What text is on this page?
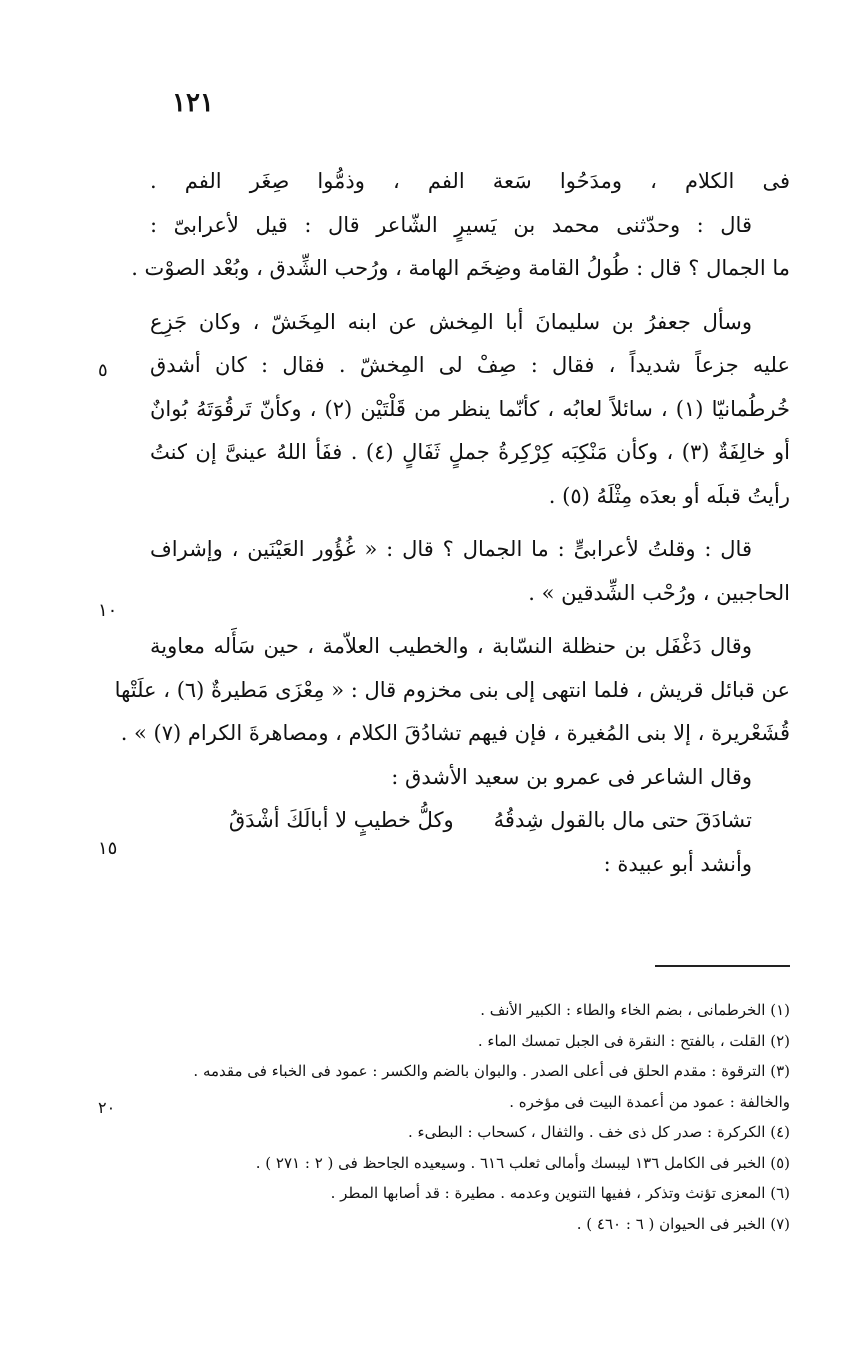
١٢١
فى الكلام ، ومدَحُوا سَعة الفم ، وذمُّوا صِغَر الفم .
قال : وحدّثنى محمد بن يَسيرٍ الشّاعر قال : قيل لأعرابىّ :
ما الجمال ؟ قال : طُولُ القامة وضِخَم الهامة ، ورُحب الشِّدق ، وبُعْد الصوْت .
وسأل جعفرُ بن سليمانَ أبا المِخش عن ابنه المِخَشّ ، وكان جَزِع
عليه جزعاً شديداً ، فقال : صِفْ لى المِخشّ . فقال : كان أشدق
خُرطُمانيّا (١) ، سائلاً لعابُه ، كأنّما ينظر من قَلْتَيْن (٢) ، وكأنّ تَرقُوَتَهُ بُوانٌ
أو خالِفَةٌ (٣) ، وكأن مَنْكِبَه كِرْكِرةُ جملٍ ثَفَالٍ (٤) . ففَأ اللهُ عينىَّ إن كنتُ
رأيتُ قبلَه أو بعدَه مِثْلَهُ (٥) .
قال : وقلتُ لأعرابىٍّ : ما الجمال ؟ قال : « غُؤُور العَيْنَين ، وإشراف
الحاجبين ، ورُحْب الشِّدقين » .
وقال دَغْفَل بن حنظلة النسّابة ، والخطيب العلاّمة ، حين سَأَله معاوية
عن قبائل قريش ، فلما انتهى إلى بنى مخزوم قال : « مِعْزَى مَطيرةٌ (٦) ، علَتْها
قُشَعْريرة ، إلا بنى المُغيرة ، فإن فيهم تشادُقَ الكلام ، ومصاهرةَ الكرام (٧) » .
وقال الشاعر فى عمرو بن سعيد الأشدق :
تشادَقَ حتى مال بالقول شِدقُهُ
وكلُّ خطيبٍ لا أبالَكَ أشْدَقُ
وأنشد أبو عبيدة :
٥
١٠
١٥
٢٠
(١) الخرطمانى ، بضم الخاء والطاء : الكبير الأنف .
(٢) القلت ، بالفتح : النقرة فى الجبل تمسك الماء .
(٣) الترقوة : مقدم الحلق فى أعلى الصدر . والبوان بالضم والكسر : عمود فى الخباء فى مقدمه .
والخالفة : عمود من أعمدة البيت فى مؤخره .
(٤) الكركرة : صدر كل ذى خف . والثفال ، كسحاب : البطىء .
(٥) الخبر فى الكامل ١٣٦ ليبسك وأمالى ثعلب ٦١٦ . وسيعيده الجاحظ فى ( ٢ : ٢٧١ ) .
(٦) المعزى تؤنث وتذكر ، ففيها التنوين وعدمه . مطيرة : قد أصابها المطر .
(٧) الخبر فى الحيوان ( ٦ : ٤٦٠ ) .
